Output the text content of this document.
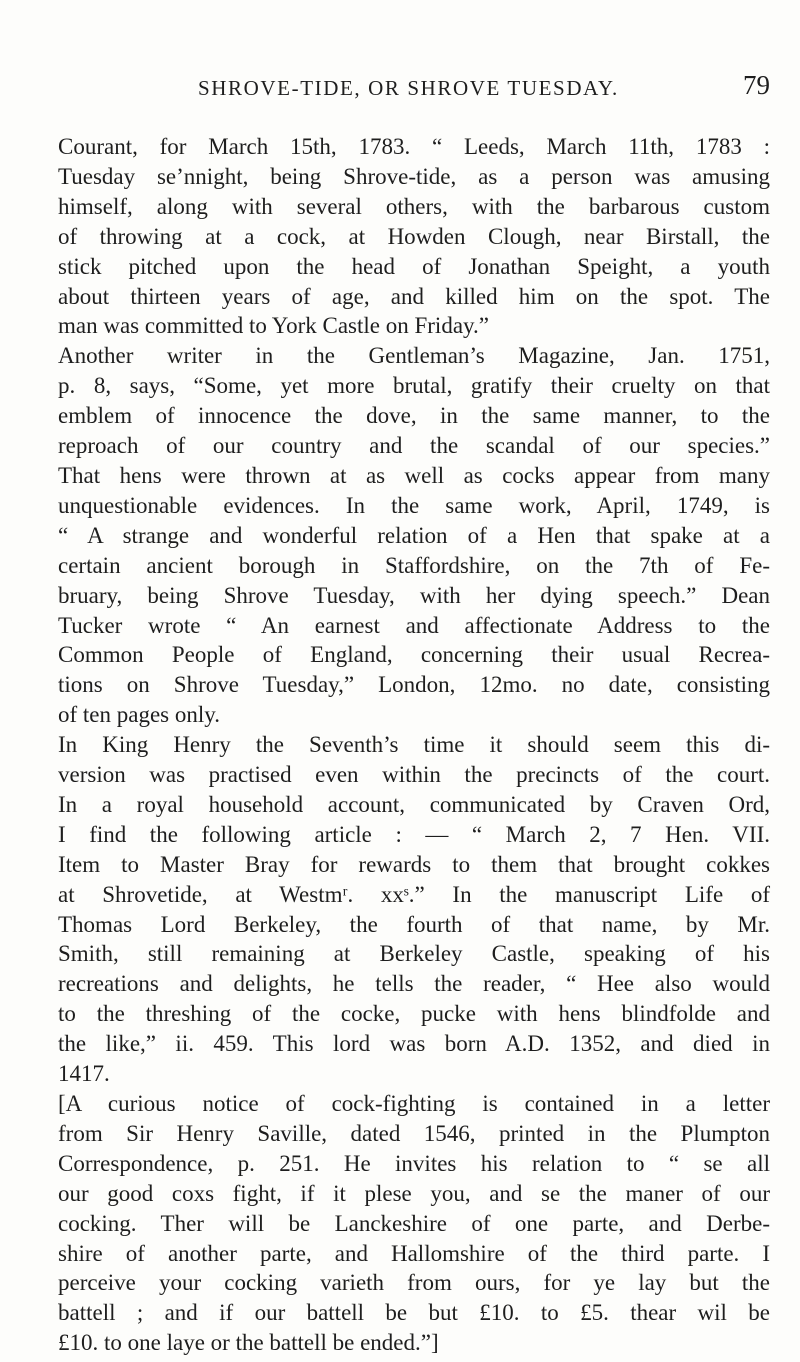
SHROVE-TIDE, OR SHROVE TUESDAY.	79
Courant, for March 15th, 1783. “ Leeds, March 11th, 1783 :
Tuesday se’nnight, being Shrove-tide, as a person was amusing
himself, along with several others, with the barbarous custom
of throwing at a cock, at Howden Clough, near Birstall, the
stick pitched upon the head of Jonathan Speight, a youth
about thirteen years of age, and killed him on the spot. The
man was committed to York Castle on Friday.”
Another writer in the Gentleman’s Magazine, Jan. 1751,
p. 8, says, “Some, yet more brutal, gratify their cruelty on that
emblem of innocence the dove, in the same manner, to the
reproach of our country and the scandal of our species.”
That hens were thrown at as well as cocks appear from many
unquestionable evidences. In the same work, April, 1749, is
“ A strange and wonderful relation of a Hen that spake at a
certain ancient borough in Staffordshire, on the 7th of Fe-
bruary, being Shrove Tuesday, with her dying speech.” Dean
Tucker wrote “ An earnest and affectionate Address to the
Common People of England, concerning their usual Recrea-
tions on Shrove Tuesday,” London, 12mo. no date, consisting
of ten pages only.
In King Henry the Seventh’s time it should seem this di-
version was practised even within the precincts of the court.
In a royal household account, communicated by Craven Ord,
I find the following article : — “ March 2, 7 Hen. VII.
Item to Master Bray for rewards to them that brought cokkes
at Shrovetide, at Westmʳ. xxˢ.” In the manuscript Life of
Thomas Lord Berkeley, the fourth of that name, by Mr.
Smith, still remaining at Berkeley Castle, speaking of his
recreations and delights, he tells the reader, “ Hee also would
to the threshing of the cocke, pucke with hens blindfolde and
the like,” ii. 459. This lord was born A.D. 1352, and died in
1417.
[A curious notice of cock-fighting is contained in a letter
from Sir Henry Saville, dated 1546, printed in the Plumpton
Correspondence, p. 251. He invites his relation to “ se all
our good coxs fight, if it plese you, and se the maner of our
cocking. Ther will be Lanckeshire of one parte, and Derbe-
shire of another parte, and Hallomshire of the third parte. I
perceive your cocking varieth from ours, for ye lay but the
battell ; and if our battell be but £10. to £5. thear wil be
£10. to one laye or the battell be ended.”]
